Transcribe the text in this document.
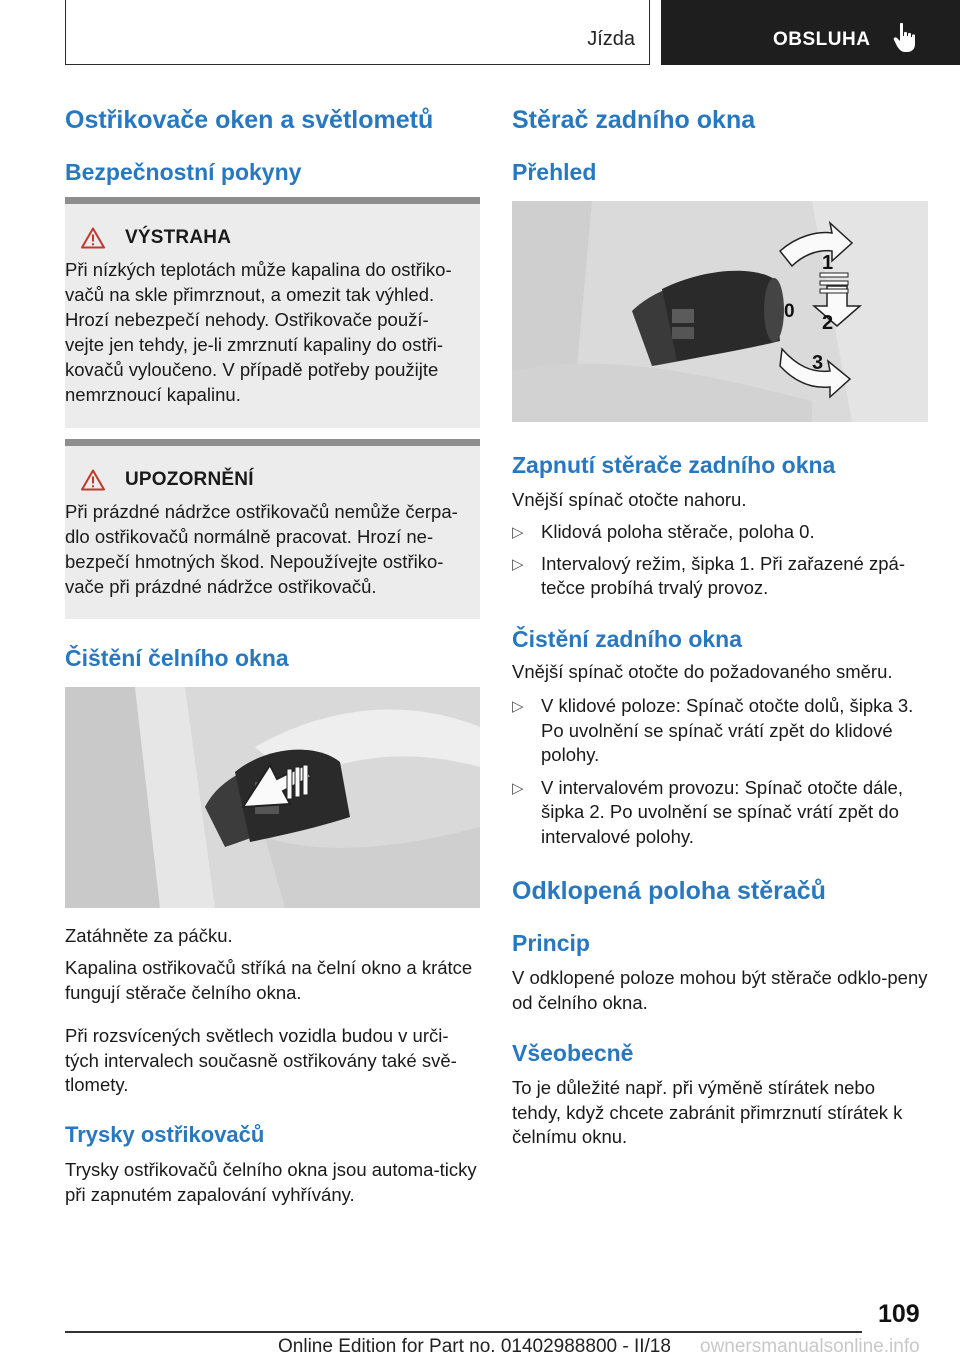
Jízda	OBSLUHA
Ostřikovače oken a světlometů
Bezpečnostní pokyny
VÝSTRAHA

Při nízkých teplotách může kapalina do ostřiko‐vačů na skle přimrznout, a omezit tak výhled. Hrozí nebezpečí nehody. Ostřikovače použí‐vejte jen tehdy, je-li zmrznutí kapaliny do ostři‐kovačů vyloučeno. V případě potřeby použijte nemrznoucí kapalinu.

UPOZORNĚNÍ

Při prázdné nádržce ostřikovačů nemůže čerpa‐dlo ostřikovačů normálně pracovat. Hrozí ne‐bezpečí hmotných škod. Nepoužívejte ostřiko‐vače při prázdné nádržce ostřikovačů.

Čištění čelního okna

Zatáhněte za páčku.

Kapalina ostřikovačů stříká na čelní okno a krátce fungují stěrače čelního okna.

Při rozsvícených světlech vozidla budou v urči‐tých intervalech současně ostřikovány také svě‐tlomety.

Trysky ostřikovačů

Trysky ostřikovačů čelního okna jsou automa‐ticky při zapnutém zapalování vyhřívány.

Stěrač zadního okna
Přehled
1
0
2
3
Zapnutí stěrače zadního okna

Vnější spínač otočte nahoru.

▷ Klidová poloha stěrače, poloha 0.
▷ Intervalový režim, šipka 1. Při zařazené zpá‐tečce probíhá trvalý provoz.
Čistění zadního okna

Vnější spínač otočte do požadovaného směru.

▷ V klidové poloze: Spínač otočte dolů, šipka 3. Po uvolnění se spínač vrátí zpět do klidové polohy.
▷ V intervalovém provozu: Spínač otočte dále, šipka 2. Po uvolnění se spínač vrátí zpět do intervalové polohy.
Odklopená poloha stěračů
Princip

V odklopené poloze mohou být stěrače odklo‐peny od čelního okna.

Všeobecně

To je důležité např. při výměně stírátek nebo tehdy, když chcete zabránit přimrznutí stírátek k čelnímu oknu.

109
Online Edition for Part no. 01402988800 - II/18 ownersmanualsonline.info
